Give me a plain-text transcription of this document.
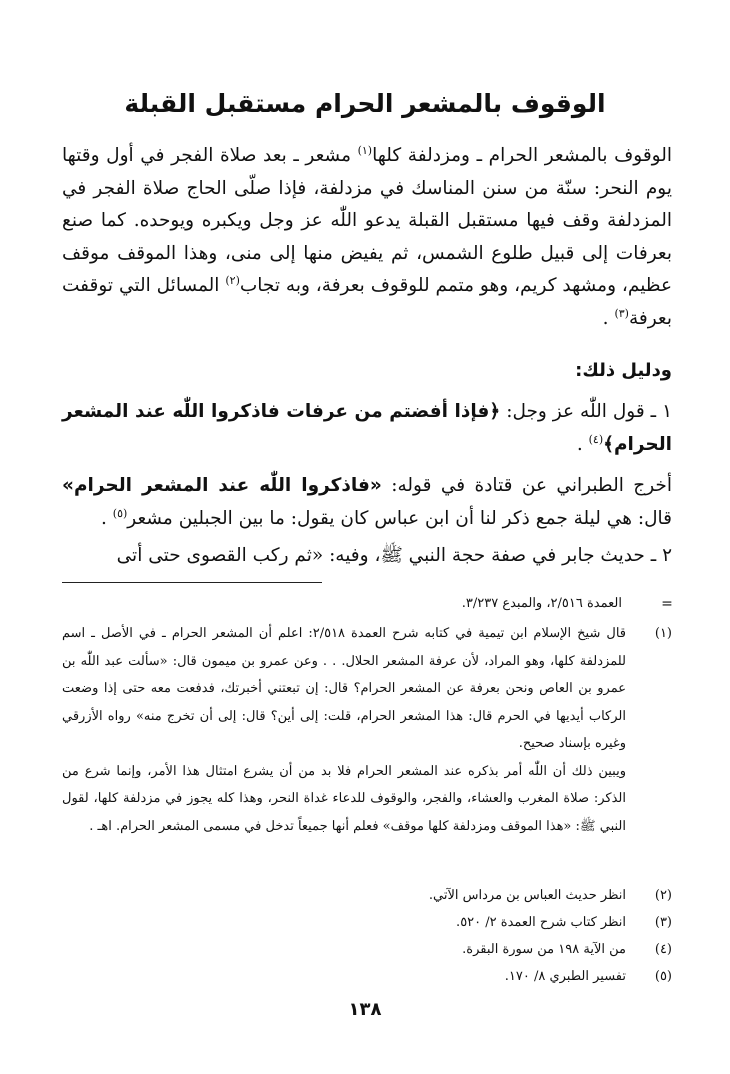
الوقوف بالمشعر الحرام مستقبل القبلة

الوقوف بالمشعر الحرام ـ ومزدلفة كلها$^{(١)}$ مشعر ـ بعد صلاة الفجر في أول وقتها يوم النحر: سنّة من سنن المناسك في مزدلفة، فإذا صلّى الحاج صلاة الفجر في المزدلفة وقف فيها مستقبل القبلة يدعو اللّٰه عز وجل ويكبره ويوحده. كما صنع بعرفات إلى قبيل طلوع الشمس، ثم يفيض منها إلى منى، وهذا الموقف موقف عظيم، ومشهد كريم، وهو متمم للوقوف بعرفة، وبه تجاب$^{(٢)}$ المسائل التي توقفت بعرفة$^{(٣)}$ .

ودليل ذلك:

١ ـ قول اللّٰه عز وجل: ﴿فإذا أفضتم من عرفات فاذكروا اللّٰه عند المشعر الحرام﴾$^{(٤)}$ .

أخرج الطبراني عن قتادة في قوله: «فاذكروا اللّٰه عند المشعر الحرام» قال: هي ليلة جمع ذكر لنا أن ابن عباس كان يقول: ما بين الجبلين مشعر$^{(٥)}$ .

٢ ـ حديث جابر في صفة حجة النبي ﷺ، وفيه: «ثم ركب القصوى حتى أتى

=

العمدة ٢/٥١٦، والمبدع ٣/٢٣٧.

(١)
قال شيخ الإسلام ابن تيمية في كتابه شرح العمدة ٢/٥١٨: اعلم أن المشعر الحرام ـ في الأصل ـ اسم للمزدلفة كلها، وهو المراد، لأن عرفة المشعر الحلال. . . وعن عمرو بن ميمون قال: «سألت عبد اللّٰه بن عمرو بن العاص ونحن بعرفة عن المشعر الحرام؟ قال: إن تبعتني أخبرتك، فدفعت معه حتى إذا وضعت الركاب أيديها في الحرم قال: هذا المشعر الحرام، قلت: إلى أين؟ قال: إلى أن تخرج منه» رواه الأزرقي وغيره بإسناد صحيح.
ويبين ذلك أن اللّٰه أمر بذكره عند المشعر الحرام فلا بد من أن يشرع امتثال هذا الأمر، وإنما شرع من الذكر: صلاة المغرب والعشاء، والفجر، والوقوف للدعاء غداة النحر، وهذا كله يجوز في مزدلفة كلها، لقول النبي ﷺ: «هذا الموقف ومزدلفة كلها موقف» فعلم أنها جميعاً تدخل في مسمى المشعر الحرام. اهـ .
(٢)
انظر حديث العباس بن مرداس الآتي.
(٣)
انظر كتاب شرح العمدة ٢/ ٥٢٠.
(٤)
من الآية ١٩٨ من سورة البقرة.
(٥)
تفسير الطبري ٨/ ١٧٠.

١٣٨
